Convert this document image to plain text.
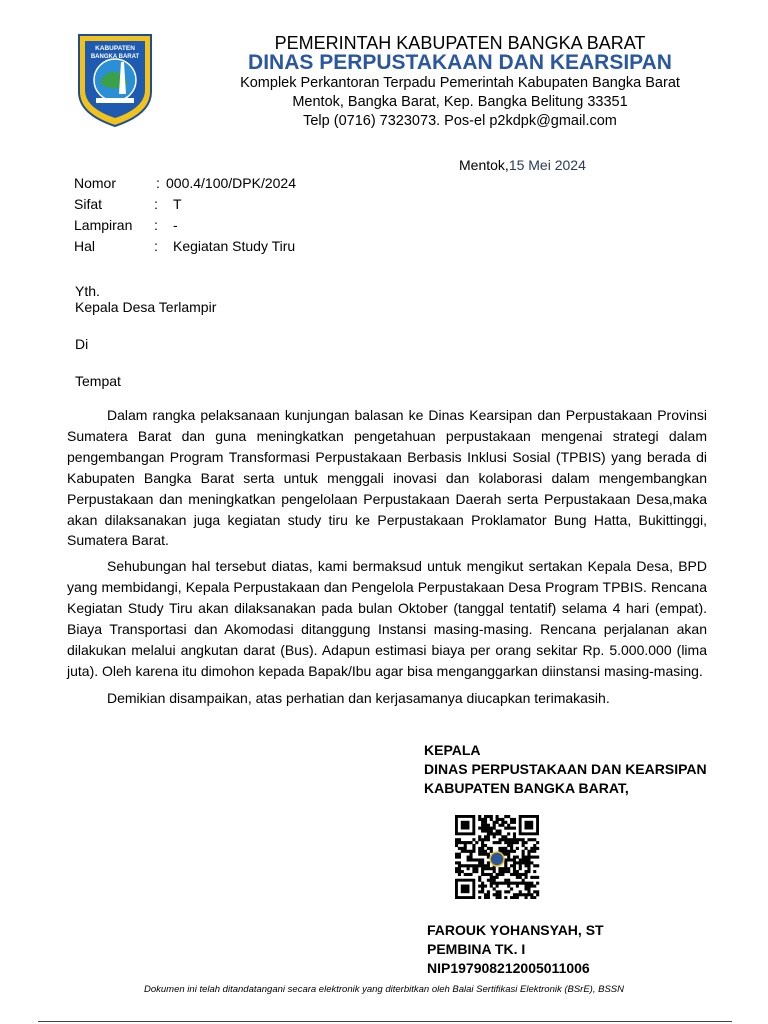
KABUPATEN
BANGKA BARAT
PEMERINTAH KABUPATEN BANGKA BARAT
DINAS PERPUSTAKAAN DAN KEARSIPAN
Komplek Perkantoran Terpadu Pemerintah Kabupaten Bangka Barat
Mentok, Bangka Barat, Kep. Bangka Belitung 33351
Telp (0716) 7323073. Pos-el p2kdpk@gmail.com
Mentok,15 Mei 2024
Nomor	: 000.4/100/DPK/2024
Sifat	: T
Lampiran : -
Hal	: Kegiatan Study Tiru
Yth.
Kepala Desa Terlampir
Di
Tempat

Dalam rangka pelaksanaan kunjungan balasan ke Dinas Kearsipan dan Perpustakaan Provinsi Sumatera Barat dan guna meningkatkan pengetahuan perpustakaan mengenai strategi dalam pengembangan Program Transformasi Perpustakaan Berbasis Inklusi Sosial (TPBIS) yang berada di Kabupaten Bangka Barat serta untuk menggali inovasi dan kolaborasi dalam mengembangkan Perpustakaan dan meningkatkan pengelolaan Perpustakaan Daerah serta Perpustakaan Desa,maka akan dilaksanakan juga kegiatan study tiru ke Perpustakaan Proklamator Bung Hatta, Bukittinggi, Sumatera Barat.

Sehubungan hal tersebut diatas, kami bermaksud untuk mengikut sertakan Kepala Desa, BPD yang membidangi, Kepala Perpustakaan dan Pengelola Perpustakaan Desa Program TPBIS. Rencana Kegiatan Study Tiru akan dilaksanakan pada bulan Oktober (tanggal tentatif) selama 4 hari (empat). Biaya Transportasi dan Akomodasi ditanggung Instansi masing-masing. Rencana perjalanan akan dilakukan melalui angkutan darat (Bus). Adapun estimasi biaya per orang sekitar Rp. 5.000.000 (lima juta). Oleh karena itu dimohon kepada Bapak/Ibu agar bisa menganggarkan diinstansi masing-masing.

Demikian disampaikan, atas perhatian dan kerjasamanya diucapkan terimakasih.

KEPALA
DINAS PERPUSTAKAAN DAN KEARSIPAN
KABUPATEN BANGKA BARAT,
FAROUK YOHANSYAH, ST
PEMBINA TK. I
NIP197908212005011006
Dokumen ini telah ditandatangani secara elektronik yang diterbitkan oleh Balai Sertifikasi Elektronik (BSrE), BSSN
